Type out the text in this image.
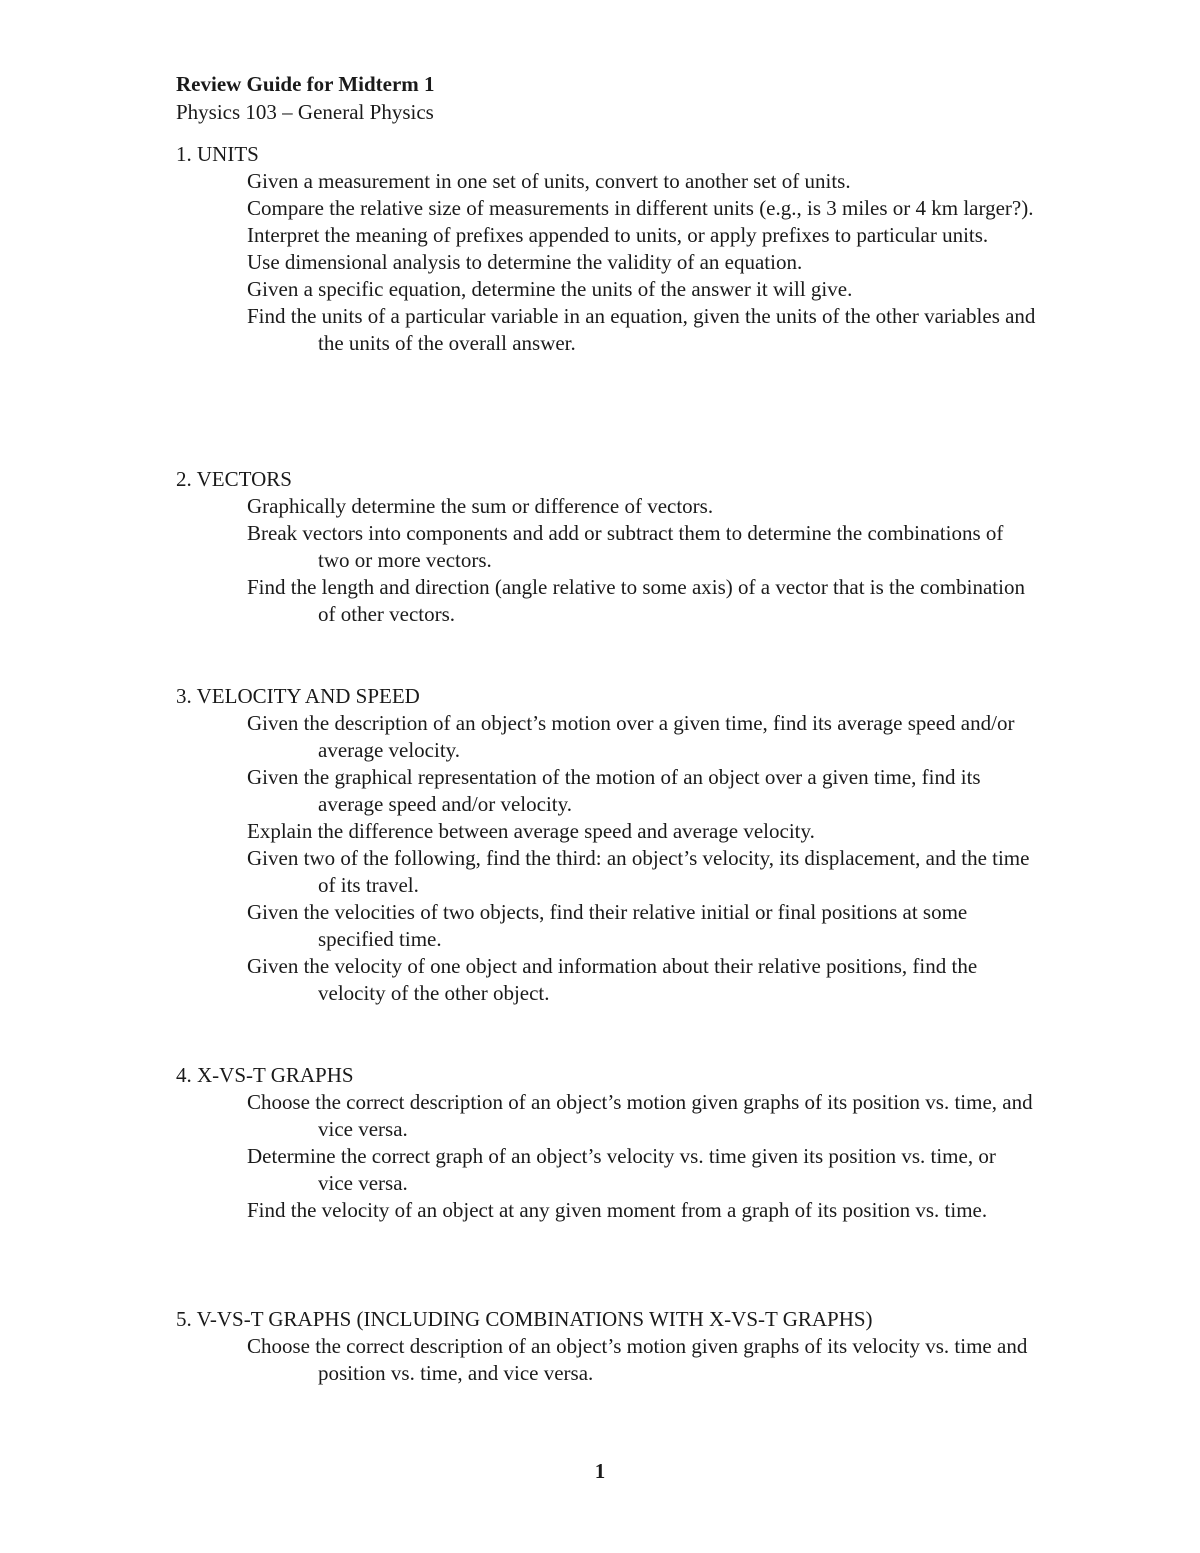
Review Guide for Midterm 1

Physics 103 – General Physics

1. UNITS
Given a measurement in one set of units, convert to another set of units.
Compare the relative size of measurements in different units (e.g., is 3 miles or 4 km larger?).
Interpret the meaning of prefixes appended to units, or apply prefixes to particular units.
Use dimensional analysis to determine the validity of an equation.
Given a specific equation, determine the units of the answer it will give.
Find the units of a particular variable in an equation, given the units of the other variables and the units of the overall answer.
2. VECTORS
Graphically determine the sum or difference of vectors.
Break vectors into components and add or subtract them to determine the combinations of two or more vectors.
Find the length and direction (angle relative to some axis) of a vector that is the combination of other vectors.
3. VELOCITY AND SPEED
Given the description of an object’s motion over a given time, find its average speed and/or average velocity.
Given the graphical representation of the motion of an object over a given time, find its average speed and/or velocity.
Explain the difference between average speed and average velocity.
Given two of the following, find the third: an object’s velocity, its displacement, and the time of its travel.
Given the velocities of two objects, find their relative initial or final positions at some specified time.
Given the velocity of one object and information about their relative positions, find the velocity of the other object.
4. X-VS-T GRAPHS
Choose the correct description of an object’s motion given graphs of its position vs. time, and vice versa.
Determine the correct graph of an object’s velocity vs. time given its position vs. time, or vice versa.
Find the velocity of an object at any given moment from a graph of its position vs. time.
5. V-VS-T GRAPHS (INCLUDING COMBINATIONS WITH X-VS-T GRAPHS)
Choose the correct description of an object’s motion given graphs of its velocity vs. time and position vs. time, and vice versa.
1
